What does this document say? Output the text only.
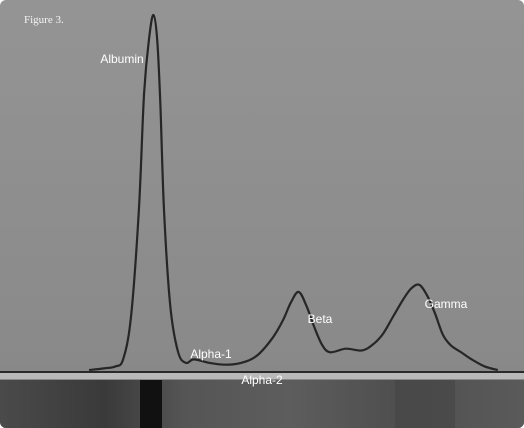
Albumin
Alpha-1
Alpha-2
Beta
Gamma
Figure 3.
